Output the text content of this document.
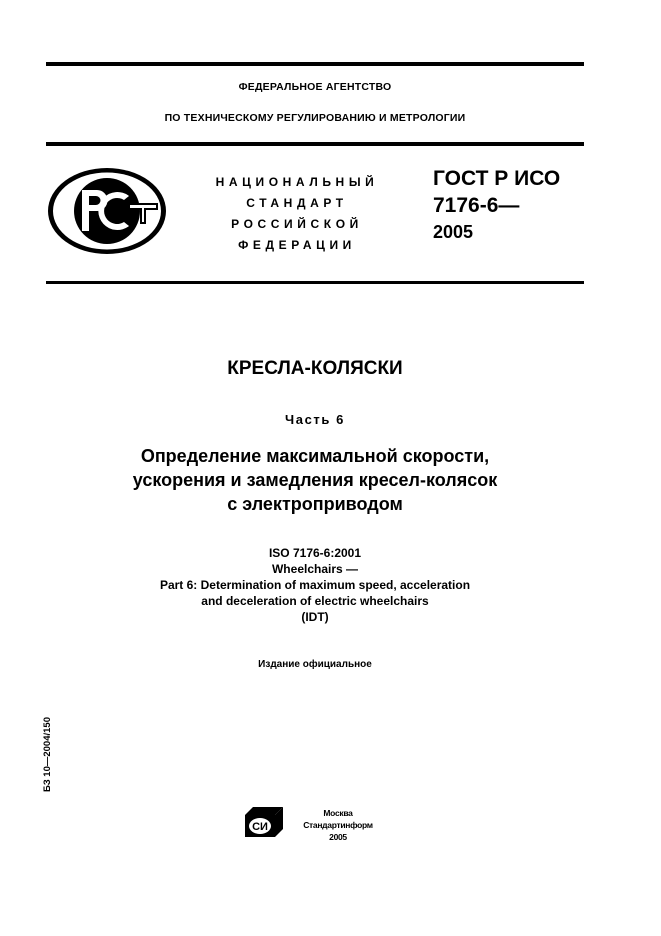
ФЕДЕРАЛЬНОЕ АГЕНТСТВО
ПО ТЕХНИЧЕСКОМУ РЕГУЛИРОВАНИЮ И МЕТРОЛОГИИ
НАЦИОНАЛЬНЫЙ
СТАНДАРТ
РОССИЙСКОЙ
ФЕДЕРАЦИИ
ГОСТ Р ИСО
7176-6—
2005
КРЕСЛА-КОЛЯСКИ
Часть 6
Определение максимальной скорости,
ускорения и замедления кресел-колясок
с электроприводом
ISO 7176-6:2001
Wheelchairs —
Part 6: Determination of maximum speed, acceleration
and deceleration of electric wheelchairs
(IDT)
Издание официальное
БЗ 10—2004/150
СИ
Москва
Стандартинформ
2005
